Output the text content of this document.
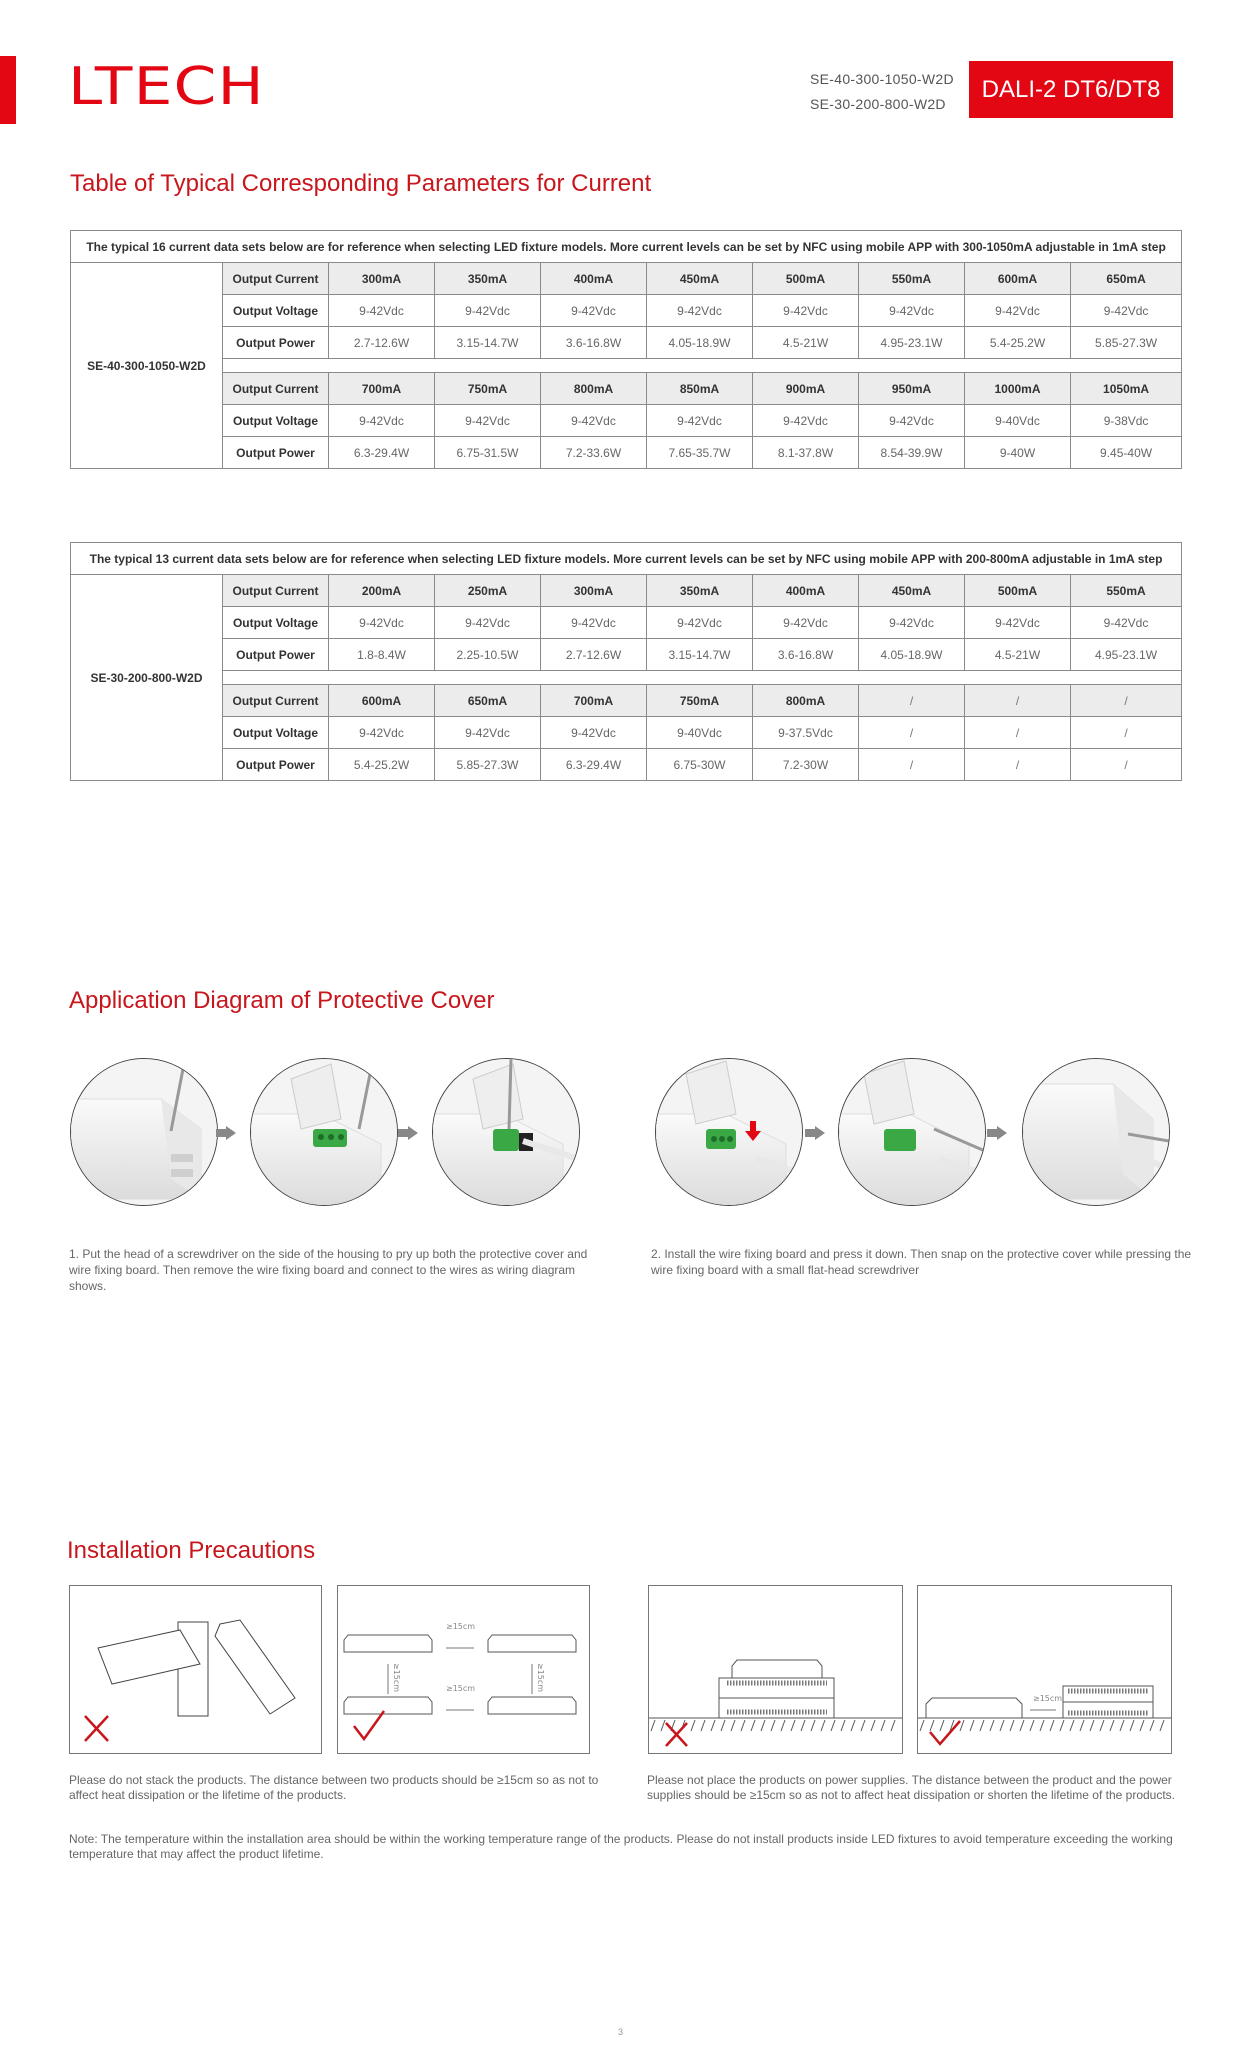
LTECH	SE-40-300-1050-W2D
SE-30-200-800-W2D
DALI-2 DT6/DT8
Table of Typical Corresponding Parameters for Current
The typical 16 current data sets below are for reference when selecting LED fixture models. More current levels can be set by NFC using mobile APP with 300-1050mA adjustable in 1mA step									
SE-40-300-1050-W2D	Output Current	300mA	350mA	400mA	450mA	500mA	550mA	600mA	650mA
	Output Voltage	9-42Vdc	9-42Vdc	9-42Vdc	9-42Vdc	9-42Vdc	9-42Vdc	9-42Vdc	9-42Vdc
	Output Power	2.7-12.6W	3.15-14.7W	3.6-16.8W	4.05-18.9W	4.5-21W	4.95-23.1W	5.4-25.2W	5.85-27.3W

	Output Current	700mA	750mA	800mA	850mA	900mA	950mA	1000mA	1050mA
	Output Voltage	9-42Vdc	9-42Vdc	9-42Vdc	9-42Vdc	9-42Vdc	9-42Vdc	9-40Vdc	9-38Vdc
	Output Power	6.3-29.4W	6.75-31.5W	7.2-33.6W	7.65-35.7W	8.1-37.8W	8.54-39.9W	9-40W	9.45-40W
The typical 13 current data sets below are for reference when selecting LED fixture models. More current levels can be set by NFC using mobile APP with 200-800mA adjustable in 1mA step									
SE-30-200-800-W2D	Output Current	200mA	250mA	300mA	350mA	400mA	450mA	500mA	550mA
	Output Voltage	9-42Vdc	9-42Vdc	9-42Vdc	9-42Vdc	9-42Vdc	9-42Vdc	9-42Vdc	9-42Vdc
	Output Power	1.8-8.4W	2.25-10.5W	2.7-12.6W	3.15-14.7W	3.6-16.8W	4.05-18.9W	4.5-21W	4.95-23.1W

	Output Current	600mA	650mA	700mA	750mA	800mA	/	/	/
	Output Voltage	9-42Vdc	9-42Vdc	9-42Vdc	9-40Vdc	9-37.5Vdc	/	/	/
	Output Power	5.4-25.2W	5.85-27.3W	6.3-29.4W	6.75-30W	7.2-30W	/	/	/
Application Diagram of Protective Cover
1. Put the head of a screwdriver on the side of the housing to pry up both the protective cover and wire fixing board. Then remove the wire fixing board and connect to the wires as wiring diagram shows.
2. Install the wire fixing board and press it down. Then snap on the protective cover while pressing the wire fixing board with a small flat-head screwdriver
Installation Precautions
≥15cm
≥15cm
≥15cm	≥15cm
≥15cm
Please do not stack the products. The distance between two products should be ≥15cm so as not to affect heat dissipation or the lifetime of the products.
Please not place the products on power supplies. The distance between the product and the power supplies should be ≥15cm so as not to affect heat dissipation or shorten the lifetime of the products.
Note: The temperature within the installation area should be within the working temperature range of the products. Please do not install products inside LED fixtures to avoid temperature exceeding the working temperature that may affect the product lifetime.
3
